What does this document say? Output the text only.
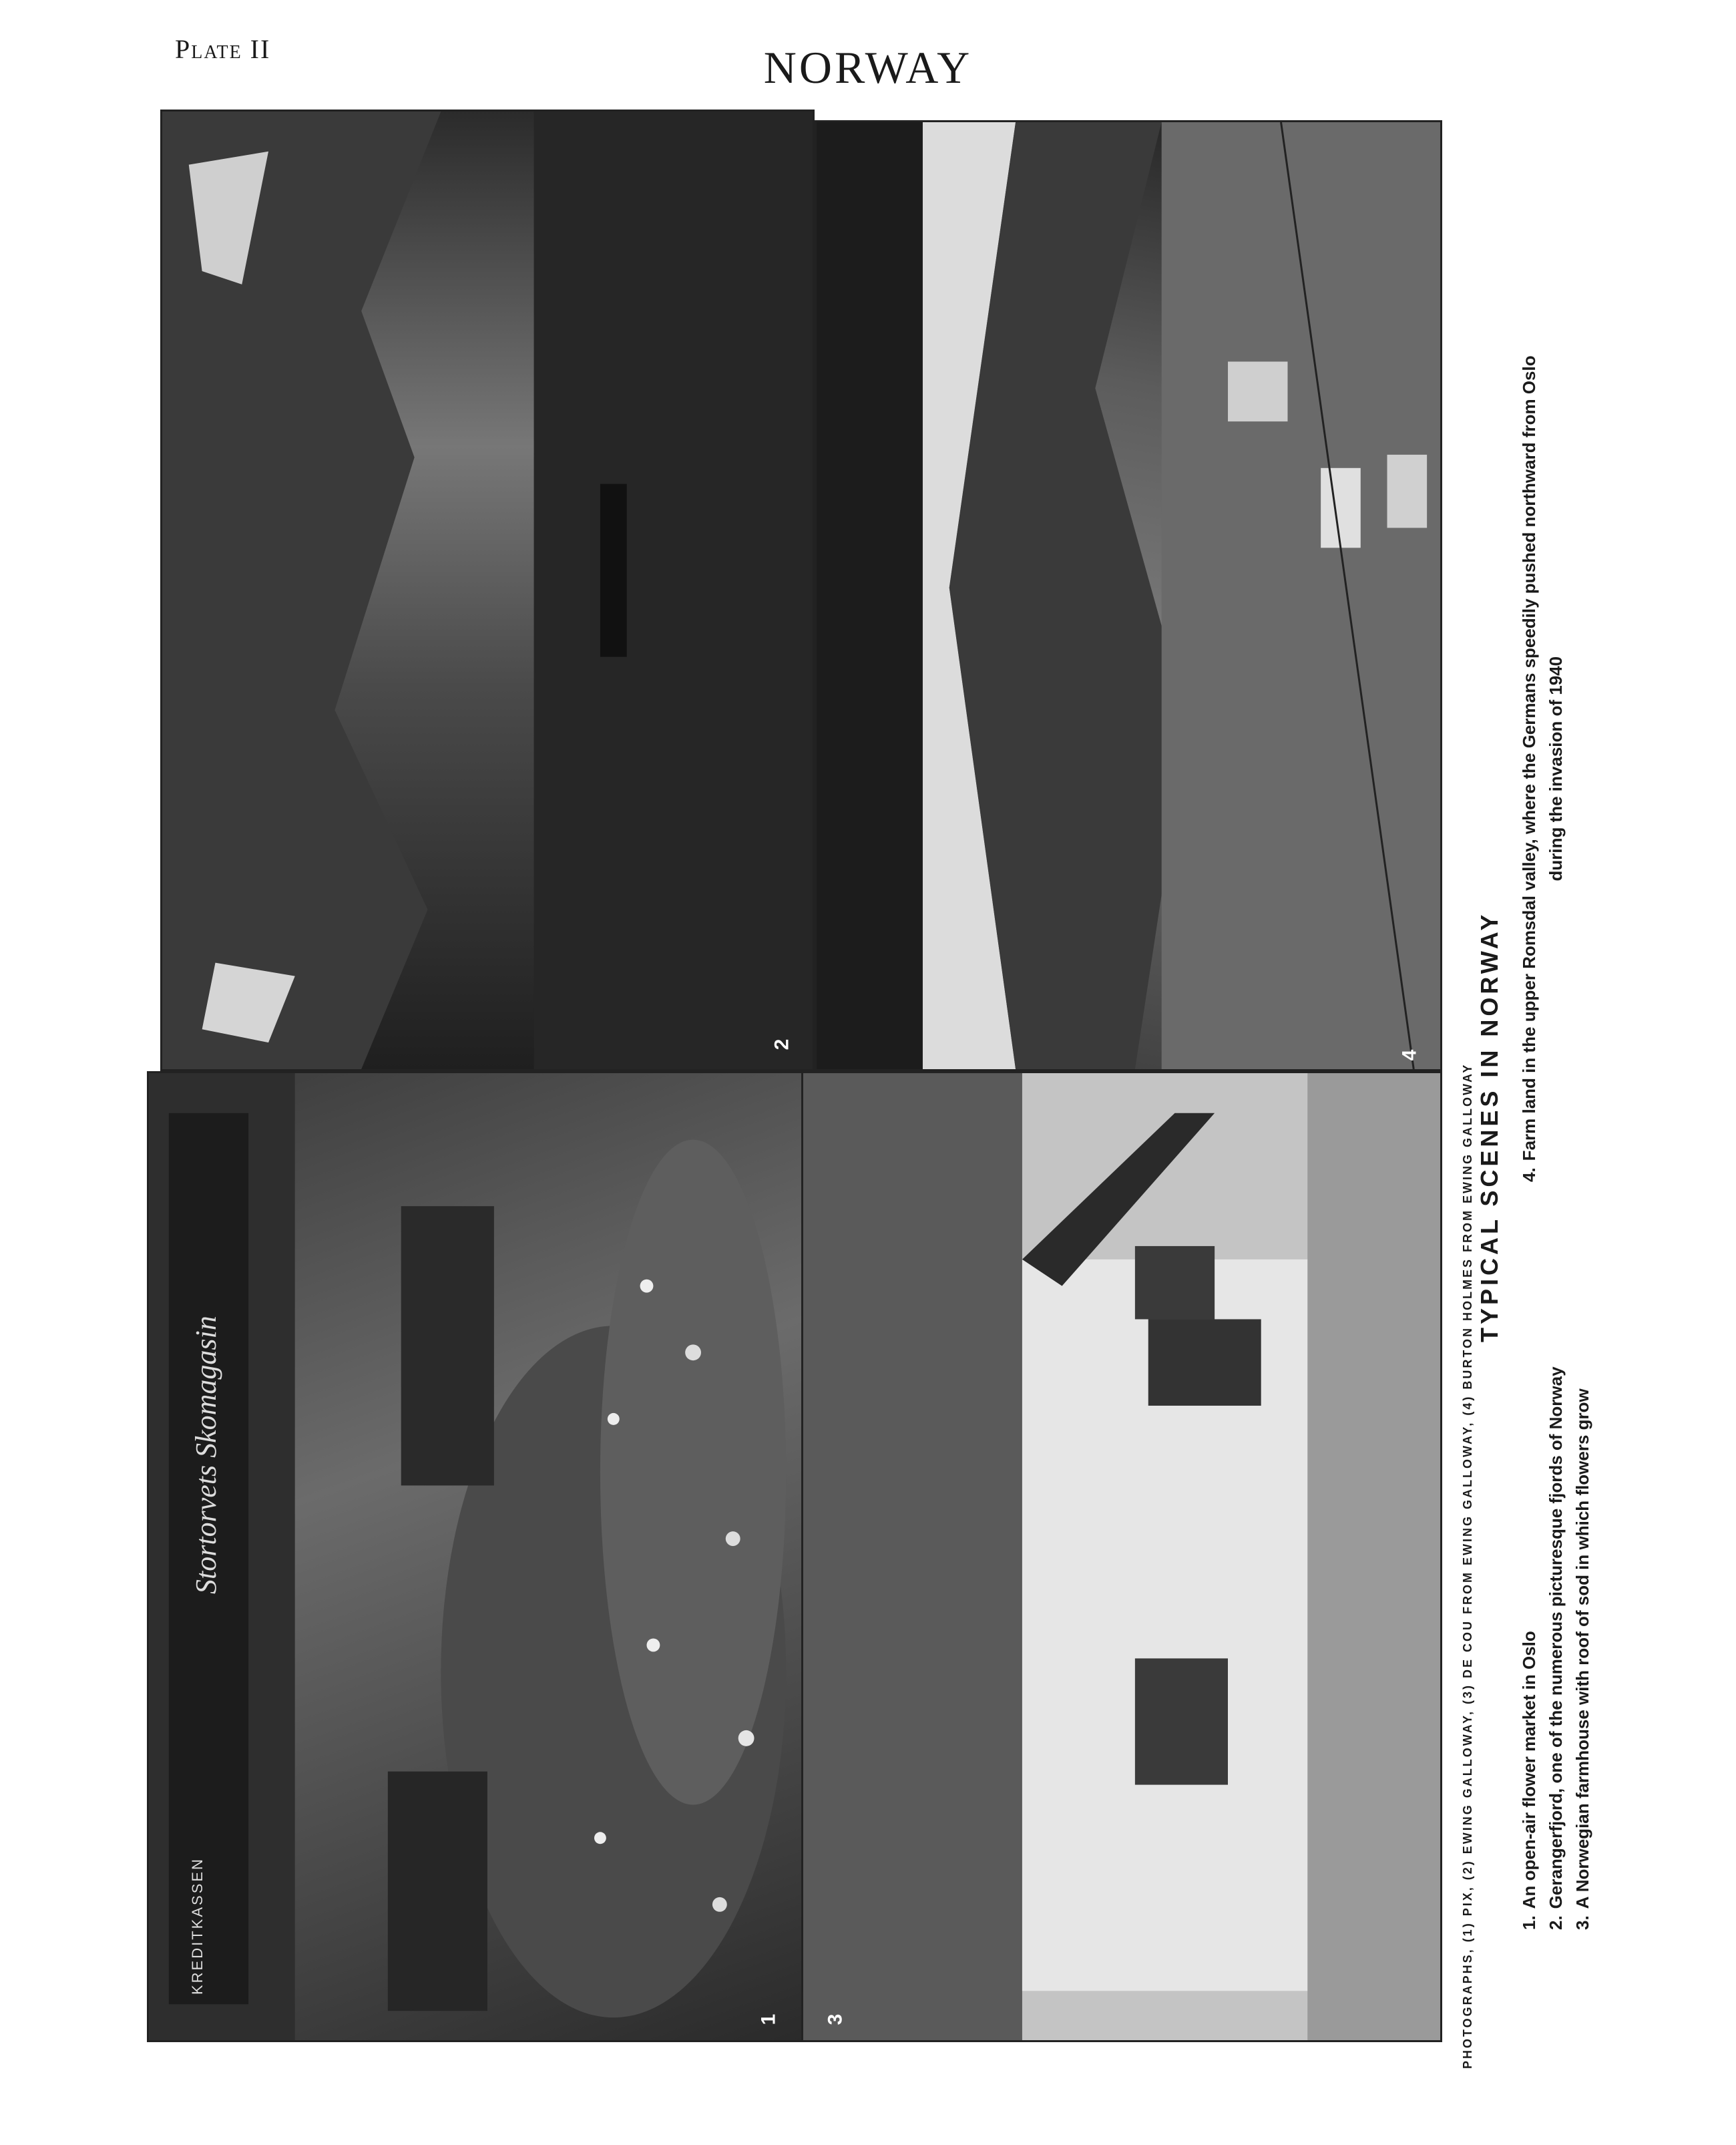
Plate II	NORWAY
Stortorvets Skomagasin
KREDITKASSEN
1
2
3
4
PHOTOGRAPHS, (1) PIX, (2) EWING GALLOWAY, (3) DE COU FROM EWING GALLOWAY, (4) BURTON HOLMES FROM EWING GALLOWAY TYPICAL SCENES IN NORWAY
1.An open-air flower market in Oslo
2.Gerangerfjord, one of the numerous picturesque fjords of Norway
3.A Norwegian farmhouse with roof of sod in which flowers grow
4.Farm land in the upper Romsdal valley, where the Germans speedily pushed northward from Oslo during the invasion of 1940
